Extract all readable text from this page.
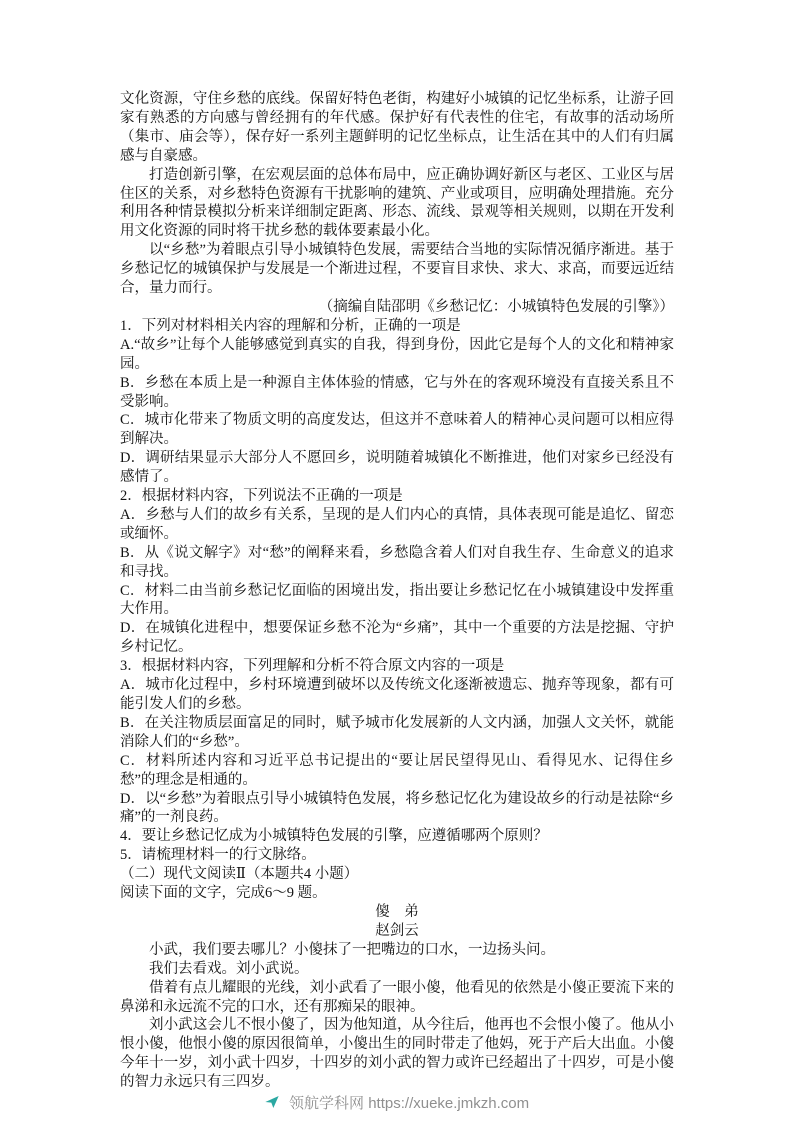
文化资源，守住乡愁的底线。保留好特色老街，构建好小城镇的记忆坐标系，让游子回家有熟悉的方向感与曾经拥有的年代感。保护好有代表性的住宅，有故事的活动场所（集市、庙会等），保存好一系列主题鲜明的记忆坐标点，让生活在其中的人们有归属感与自豪感。

打造创新引擎，在宏观层面的总体布局中，应正确协调好新区与老区、工业区与居住区的关系，对乡愁特色资源有干扰影响的建筑、产业或项目，应明确处理措施。充分利用各种情景模拟分析来详细制定距离、形态、流线、景观等相关规则，以期在开发利用文化资源的同时将干扰乡愁的载体要素最小化。

以“乡愁”为着眼点引导小城镇特色发展，需要结合当地的实际情况循序渐进。基于乡愁记忆的城镇保护与发展是一个渐进过程，不要盲目求快、求大、求高，而要远近结合，量力而行。

（摘编自陆邵明《乡愁记忆：小城镇特色发展的引擎》）

1．下列对材料相关内容的理解和分析，正确的一项是

A.“故乡”让每个人能够感觉到真实的自我，得到身份，因此它是每个人的文化和精神家园。

B．乡愁在本质上是一种源自主体体验的情感，它与外在的客观环境没有直接关系且不受影响。

C．城市化带来了物质文明的高度发达，但这并不意味着人的精神心灵问题可以相应得到解决。

D．调研结果显示大部分人不愿回乡，说明随着城镇化不断推进，他们对家乡已经没有感情了。

2．根据材料内容，下列说法不正确的一项是

A．乡愁与人们的故乡有关系，呈现的是人们内心的真情，具体表现可能是追忆、留恋或缅怀。

B．从《说文解字》对“愁”的阐释来看，乡愁隐含着人们对自我生存、生命意义的追求和寻找。

C．材料二由当前乡愁记忆面临的困境出发，指出要让乡愁记忆在小城镇建设中发挥重大作用。

D．在城镇化进程中，想要保证乡愁不沦为“乡痛”，其中一个重要的方法是挖掘、守护乡村记忆。

3．根据材料内容，下列理解和分析不符合原文内容的一项是

A．城市化过程中，乡村环境遭到破坏以及传统文化逐渐被遗忘、抛弃等现象，都有可能引发人们的乡愁。

B．在关注物质层面富足的同时，赋予城市化发展新的人文内涵，加强人文关怀，就能消除人们的“乡愁”。

C．材料所述内容和习近平总书记提出的“要让居民望得见山、看得见水、记得住乡愁”的理念是相通的。

D．以“乡愁”为着眼点引导小城镇特色发展，将乡愁记忆化为建设故乡的行动是祛除“乡痛”的一剂良药。

4．要让乡愁记忆成为小城镇特色发展的引擎，应遵循哪两个原则？

5．请梳理材料一的行文脉络。

（二）现代文阅读Ⅱ（本题共4 小题）

阅读下面的文字，完成6～9 题。

傻　弟

赵剑云

小武，我们要去哪儿？小傻抹了一把嘴边的口水，一边扬头问。

我们去看戏。刘小武说。

借着有点儿耀眼的光线，刘小武看了一眼小傻，他看见的依然是小傻正要流下来的鼻涕和永远流不完的口水，还有那痴呆的眼神。

刘小武这会儿不恨小傻了，因为他知道，从今往后，他再也不会恨小傻了。他从小恨小傻，他恨小傻的原因很简单，小傻出生的同时带走了他妈，死于产后大出血。小傻今年十一岁，刘小武十四岁，十四岁的刘小武的智力或许已经超出了十四岁，可是小傻的智力永远只有三四岁。

领航学科网 https://xueke.jmkzh.com
